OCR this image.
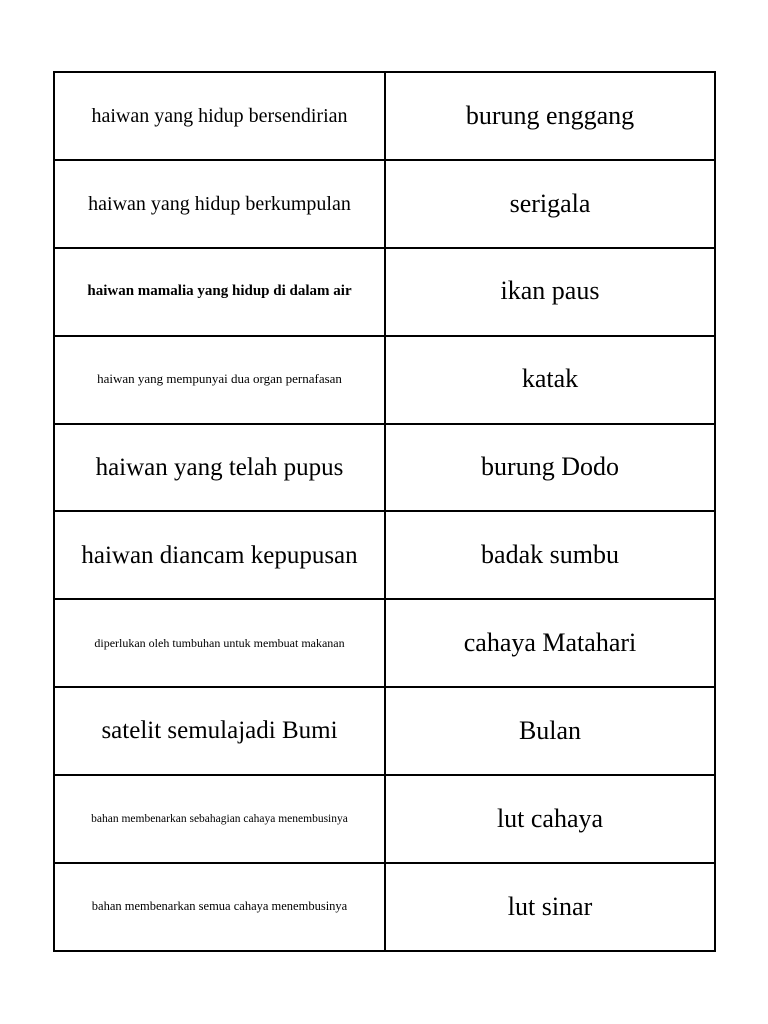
haiwan yang hidup bersendirian	burung enggang
haiwan yang hidup berkumpulan	serigala
haiwan mamalia yang hidup di dalam air	ikan paus
haiwan yang mempunyai dua organ pernafasan	katak
haiwan yang telah pupus	burung Dodo
haiwan diancam kepupusan	badak sumbu
diperlukan oleh tumbuhan untuk membuat makanan	cahaya Matahari
satelit semulajadi Bumi	Bulan
bahan membenarkan sebahagian cahaya menembusinya	lut cahaya
bahan membenarkan semua cahaya menembusinya	lut sinar
